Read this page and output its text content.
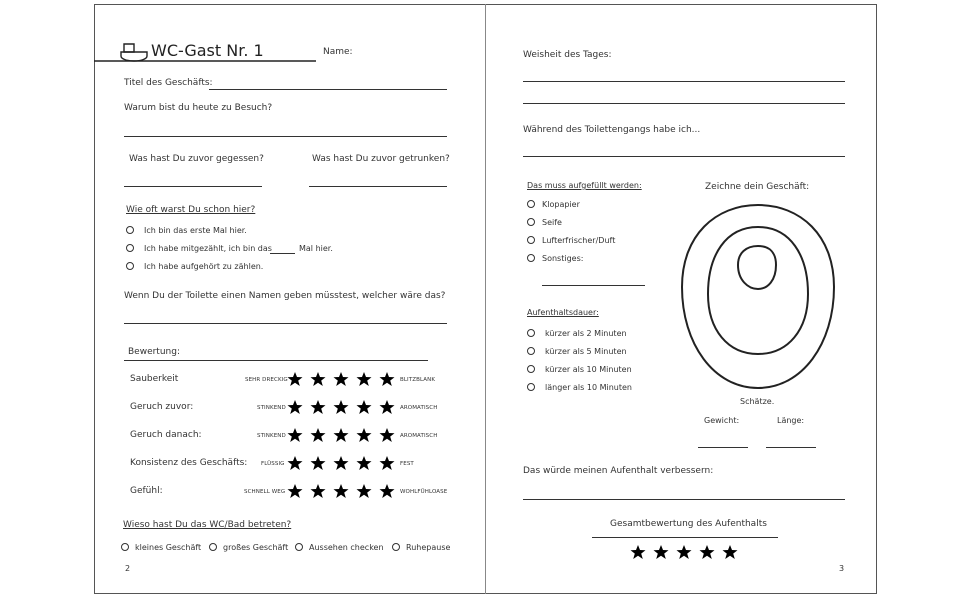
WC-Gast Nr. 1	Name:
Titel des Geschäfts:
Warum bist du heute zu Besuch?
Was hast Du zuvor gegessen?	Was hast Du zuvor getrunken?
Wie oft warst Du schon hier?
Ich bin das erste Mal hier.
Ich habe mitgezählt, ich bin das	Mal hier.
Ich habe aufgehört zu zählen.
Wenn Du der Toilette einen Namen geben müsstest, welcher wäre das?
Bewertung:
Sauberkeit	SEHR DRECKIG	BLITZBLANK
Geruch zuvor:	STINKEND	AROMATISCH
Geruch danach:	STINKEND	AROMATISCH
Konsistenz des Geschäfts: FLÜSSIG	FEST
Gefühl:	SCHNELL WEG	WOHLFÜHLOASE
Wieso hast Du das WC/Bad betreten?
kleines Geschäft	großes Geschäft	Aussehen checken	Ruhepause
2
Weisheit des Tages:
Während des Toilettengangs habe ich...
Das muss aufgefüllt werden:
Klopapier
Seife
Lufterfrischer/Duft
Sonstiges:
Zeichne dein Geschäft:
Aufenthaltsdauer:
kürzer als 2 Minuten
kürzer als 5 Minuten
kürzer als 10 Minuten
länger als 10 Minuten
Schätze.
Gewicht:	Länge:
Das würde meinen Aufenthalt verbessern:
Gesamtbewertung des Aufenthalts
3
